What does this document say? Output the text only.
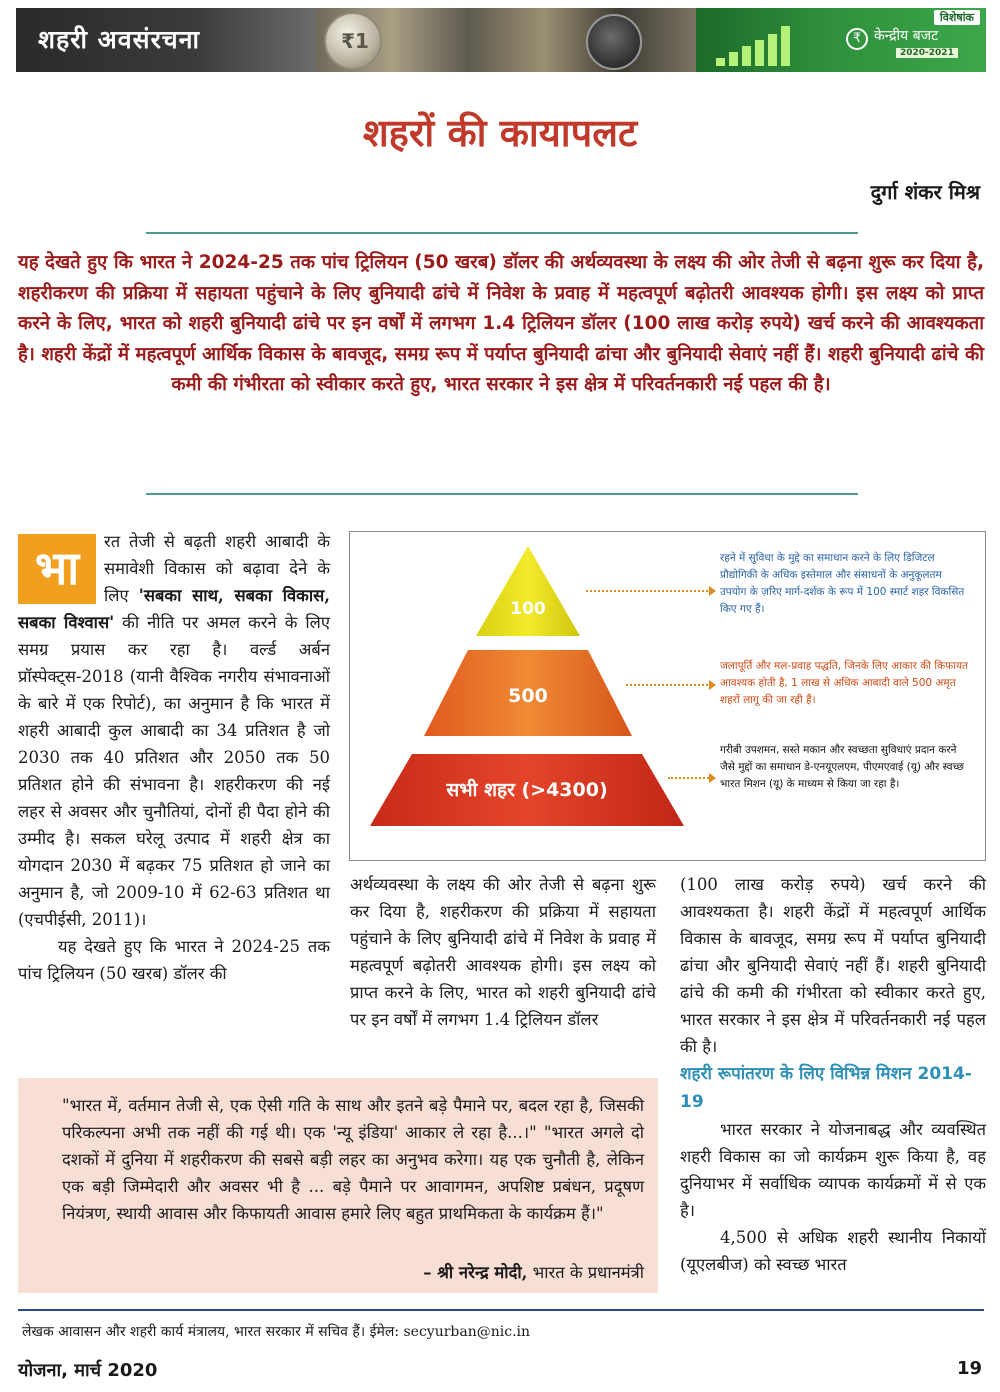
शहरी अवसंरचना	₹1	₹
विशेषांक
केन्द्रीय बजट
2020-2021
शहरों की कायापलट
दुर्गा शंकर मिश्र

यह देखते हुए कि भारत ने 2024-25 तक पांच ट्रिलियन (50 खरब) डॉलर की अर्थव्यवस्था के लक्ष्य की ओर तेजी से बढ़ना शुरू कर दिया है, शहरीकरण की प्रक्रिया में सहायता पहुंचाने के लिए बुनियादी ढांचे में निवेश के प्रवाह में महत्वपूर्ण बढ़ोतरी आवश्यक होगी। इस लक्ष्य को प्राप्त करने के लिए, भारत को शहरी बुनियादी ढांचे पर इन वर्षों में लगभग 1.4 ट्रिलियन डॉलर (100 लाख करोड़ रुपये) खर्च करने की आवश्यकता है। शहरी केंद्रों में महत्वपूर्ण आर्थिक विकास के बावजूद, समग्र रूप में पर्याप्त बुनियादी ढांचा और बुनियादी सेवाएं नहीं हैं। शहरी बुनियादी ढांचे की कमी की गंभीरता को स्वीकार करते हुए, भारत सरकार ने इस क्षेत्र में परिवर्तनकारी नई पहल की है।

भा	रत तेजी से बढ़ती शहरी आबादी के समावेशी विकास को बढ़ावा देने के लिए 'सबका साथ, सबका विकास, सबका विश्वास' की नीति पर अमल करने के लिए समग्र प्रयास कर रहा है। वर्ल्ड अर्बन प्रॉस्पेक्ट्स-2018 (यानी वैश्विक नगरीय संभावनाओं के बारे में एक रिपोर्ट), का अनुमान है कि भारत में शहरी आबादी कुल आबादी का 34 प्रतिशत है जो 2030 तक 40 प्रतिशत और 2050 तक 50 प्रतिशत होने की संभावना है। शहरीकरण की नई लहर से अवसर और चुनौतियां, दोनों ही पैदा होने की उम्मीद है। सकल घरेलू उत्पाद में शहरी क्षेत्र का योगदान 2030 में बढ़कर 75 प्रतिशत हो जाने का अनुमान है, जो 2009-10 में 62-63 प्रतिशत था (एचपीईसी, 2011)।

यह देखते हुए कि भारत ने 2024-25 तक पांच ट्रिलियन (50 खरब) डॉलर की

100
500
सभी शहर (>4300)
रहने में सुविधा के मुद्दे का समाधान करने के लिए डिजिटल प्रौद्योगिकी के अधिक इस्तेमाल और संसाधनों के अनुकूलतम उपयोग के ज़रिए मार्ग-दर्शक के रूप में 100 स्मार्ट शहर विकसित किए गए हैं।
जलापूर्ति और मल-प्रवाह पद्धति, जिनके लिए आकार की किफायत आवश्यक होती है, 1 लाख से अधिक आबादी वाले 500 अमृत शहरों लागू की जा रही हैं।
गरीबी उपशमन, सस्ते मकान और स्वच्छता सुविधाएं प्रदान करने जैसे मुद्दों का समाधान डे-एनयूएलएम, पीएमएवाई (यू) और स्वच्छ भारत मिशन (यू) के माध्यम से किया जा रहा है।

अर्थव्यवस्था के लक्ष्य की ओर तेजी से बढ़ना शुरू कर दिया है, शहरीकरण की प्रक्रिया में सहायता पहुंचाने के लिए बुनियादी ढांचे में निवेश के प्रवाह में महत्वपूर्ण बढ़ोतरी आवश्यक होगी। इस लक्ष्य को प्राप्त करने के लिए, भारत को शहरी बुनियादी ढांचे पर इन वर्षों में लगभग 1.4 ट्रिलियन डॉलर

(100 लाख करोड़ रुपये) खर्च करने की आवश्यकता है। शहरी केंद्रों में महत्वपूर्ण आर्थिक विकास के बावजूद, समग्र रूप में पर्याप्त बुनियादी ढांचा और बुनियादी सेवाएं नहीं हैं। शहरी बुनियादी ढांचे की कमी की गंभीरता को स्वीकार करते हुए, भारत सरकार ने इस क्षेत्र में परिवर्तनकारी नई पहल की है।

शहरी रूपांतरण के लिए विभिन्न मिशन 2014-19

भारत सरकार ने योजनाबद्ध और व्यवस्थित शहरी विकास का जो कार्यक्रम शुरू किया है, वह दुनियाभर में सर्वाधिक व्यापक कार्यक्रमों में से एक है।

4,500 से अधिक शहरी स्थानीय निकायों (यूएलबीज) को स्वच्छ भारत

"भारत में, वर्तमान तेजी से, एक ऐसी गति के साथ और इतने बड़े पैमाने पर, बदल रहा है, जिसकी परिकल्पना अभी तक नहीं की गई थी। एक 'न्यू इंडिया' आकार ले रहा है...।" "भारत अगले दो दशकों में दुनिया में शहरीकरण की सबसे बड़ी लहर का अनुभव करेगा। यह एक चुनौती है, लेकिन एक बड़ी जिम्मेदारी और अवसर भी है ... बड़े पैमाने पर आवागमन, अपशिष्ट प्रबंधन, प्रदूषण नियंत्रण, स्थायी आवास और किफायती आवास हमारे लिए बहुत प्राथमिकता के कार्यक्रम हैं।"

– श्री नरेन्द्र मोदी, भारत के प्रधानमंत्री
लेखक आवासन और शहरी कार्य मंत्रालय, भारत सरकार में सचिव हैं। ईमेल: secyurban@nic.in
योजना, मार्च 2020	19
